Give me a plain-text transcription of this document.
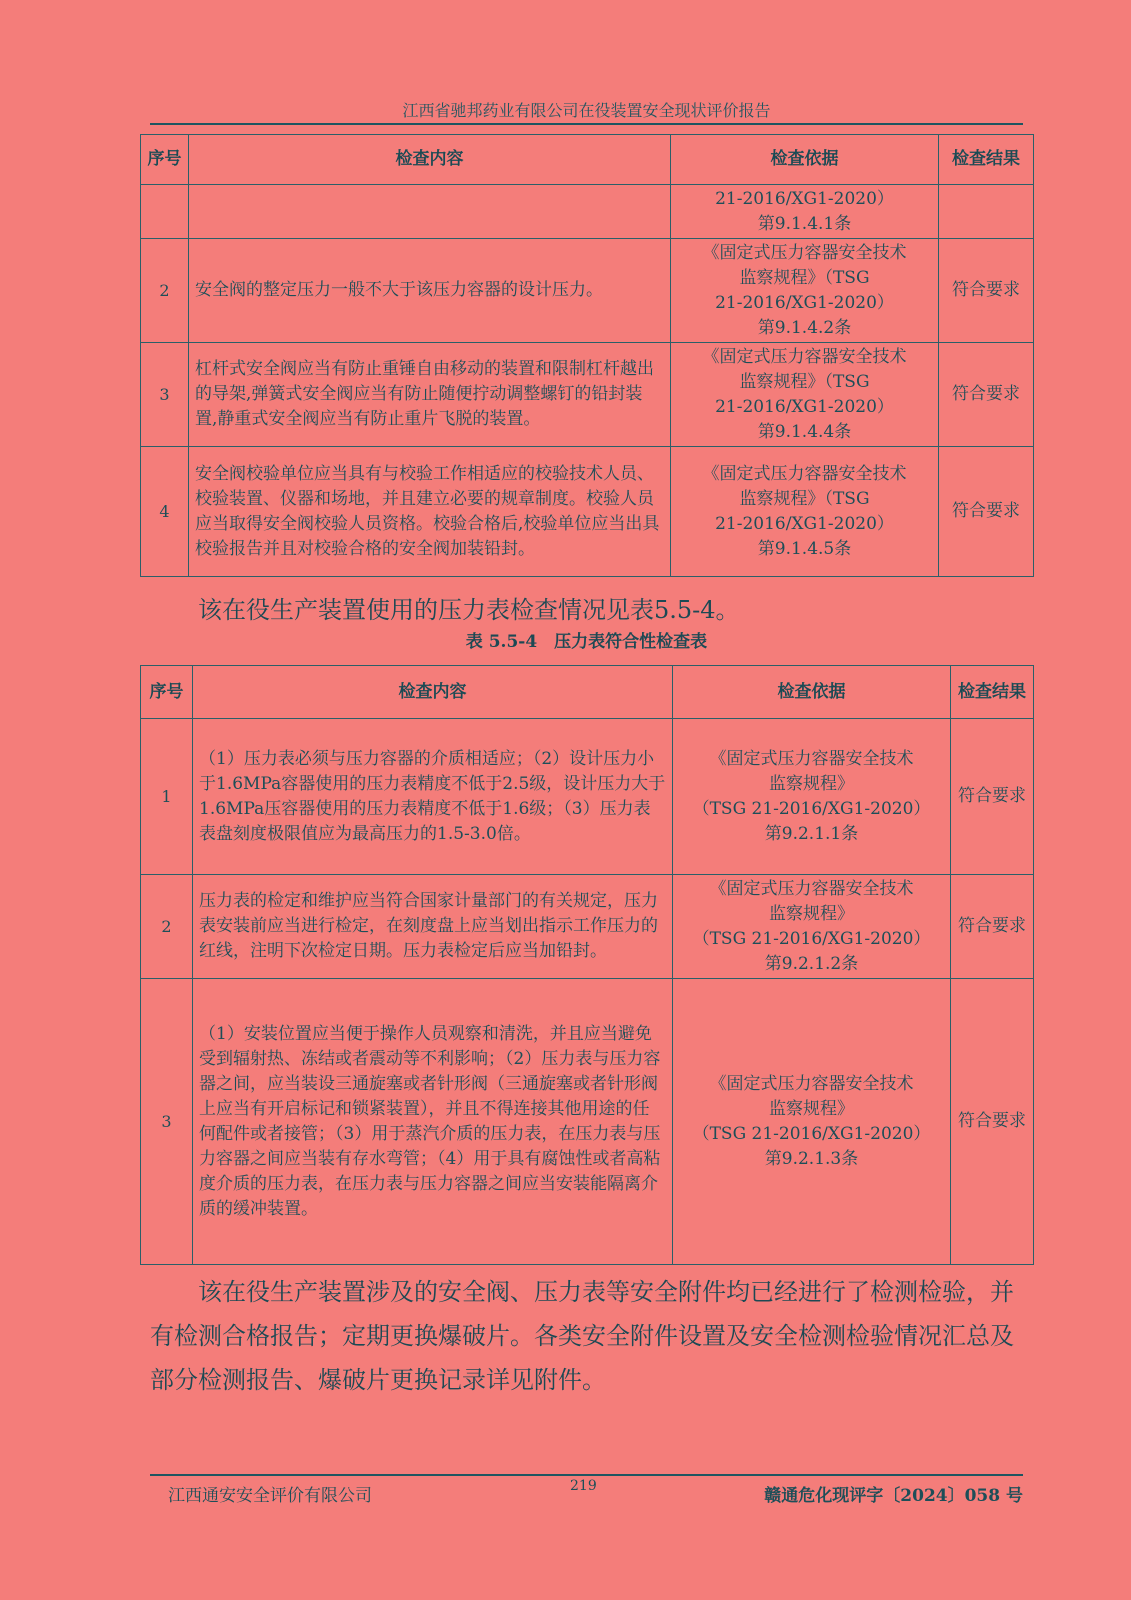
江西省驰邦药业有限公司在役装置安全现状评价报告
序号	检查内容	检查依据	检查结果

		21-2016/XG1-2020）
第9.1.4.1条	

2	安全阀的整定压力一般不大于该压力容器的设计压力。	《固定式压力容器安全技术
监察规程》（TSG
21-2016/XG1-2020）
第9.1.4.2条	符合要求
3	杠杆式安全阀应当有防止重锤自由移动的装置和限制杠杆越出的导架,弹簧式安全阀应当有防止随便拧动调整螺钉的铅封装置,静重式安全阀应当有防止重片飞脱的装置。	《固定式压力容器安全技术
监察规程》（TSG
21-2016/XG1-2020）
第9.1.4.4条	符合要求
4	安全阀校验单位应当具有与校验工作相适应的校验技术人员、校验装置、仪器和场地，并且建立必要的规章制度。校验人员应当取得安全阀校验人员资格。校验合格后,校验单位应当出具校验报告并且对校验合格的安全阀加装铅封。	《固定式压力容器安全技术
监察规程》（TSG
21-2016/XG1-2020）
第9.1.4.5条	符合要求
该在役生产装置使用的压力表检查情况见表5.5-4。
表 5.5-4　压力表符合性检查表
序号	检查内容	检查依据	检查结果
1	（1）压力表必须与压力容器的介质相适应；（2）设计压力小于1.6MPa容器使用的压力表精度不低于2.5级，设计压力大于1.6MPa压容器使用的压力表精度不低于1.6级；（3）压力表表盘刻度极限值应为最高压力的1.5-3.0倍。	《固定式压力容器安全技术
监察规程》
（TSG 21-2016/XG1-2020）
第9.2.1.1条	符合要求
2	压力表的检定和维护应当符合国家计量部门的有关规定，压力表安装前应当进行检定，在刻度盘上应当划出指示工作压力的红线，注明下次检定日期。压力表检定后应当加铅封。	《固定式压力容器安全技术
监察规程》
（TSG 21-2016/XG1-2020）
第9.2.1.2条	符合要求
3	（1）安装位置应当便于操作人员观察和清洗，并且应当避免受到辐射热、冻结或者震动等不利影响；（2）压力表与压力容器之间，应当装设三通旋塞或者针形阀（三通旋塞或者针形阀上应当有开启标记和锁紧装置），并且不得连接其他用途的任何配件或者接管；（3）用于蒸汽介质的压力表，在压力表与压力容器之间应当装有存水弯管；（4）用于具有腐蚀性或者高粘度介质的压力表，在压力表与压力容器之间应当安装能隔离介质的缓冲装置。	《固定式压力容器安全技术
监察规程》
（TSG 21-2016/XG1-2020）
第9.2.1.3条	符合要求
该在役生产装置涉及的安全阀、压力表等安全附件均已经进行了检测检验，并有检测合格报告；定期更换爆破片。各类安全附件设置及安全检测检验情况汇总及部分检测报告、爆破片更换记录详见附件。
江西通安安全评价有限公司	219	赣通危化现评字〔2024〕058 号
